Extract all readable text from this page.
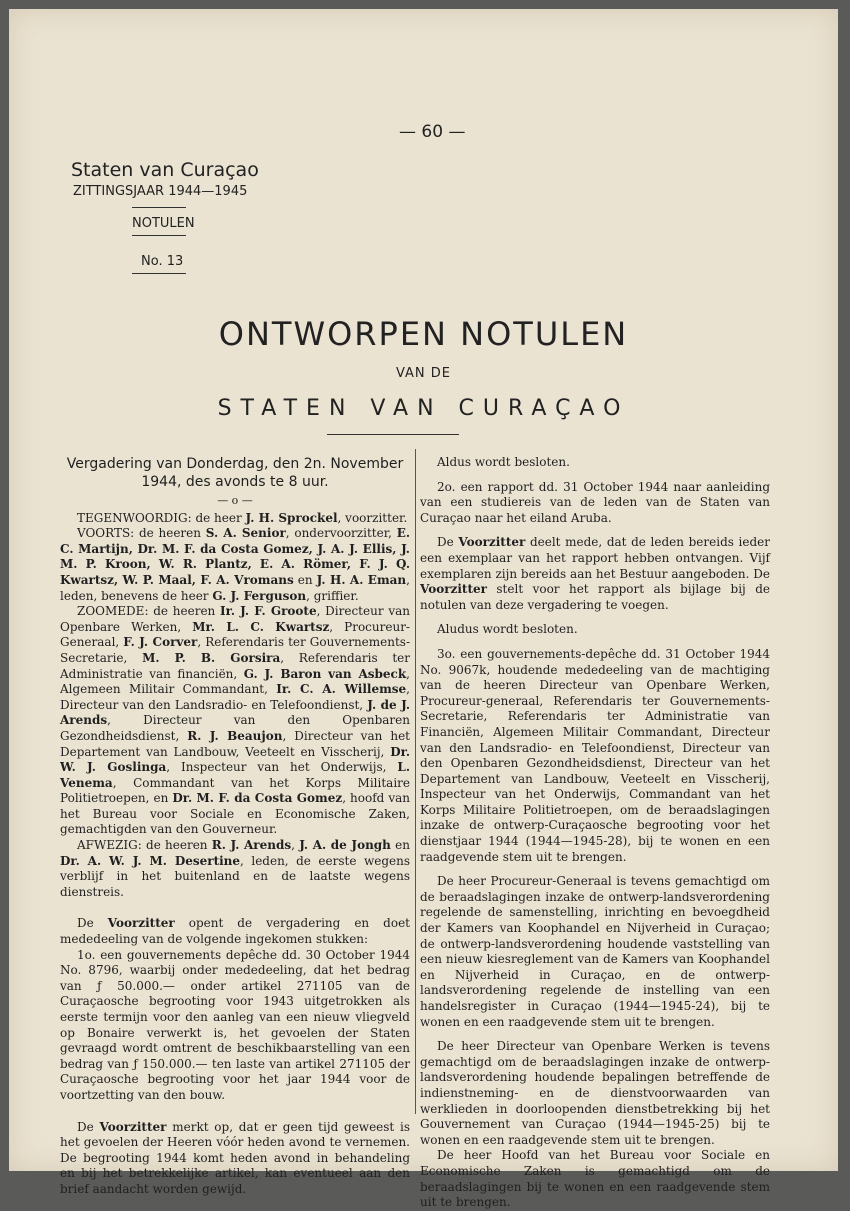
— 60 —
Staten van Curaçao
ZITTINGSJAAR 1944—1945
NOTULEN
No. 13
ONTWORPEN NOTULEN
VAN DE
STATEN VAN CURAÇAO
Vergadering van Donderdag, den 2n. November 1944, des avonds te 8 uur.
— o —

TEGENWOORDIG: de heer J. H. Sprockel, voorzitter.

VOORTS: de heeren S. A. Senior, ondervoorzitter, E. C. Martijn, Dr. M. F. da Costa Gomez, J. A. J. Ellis, J. M. P. Kroon, W. R. Plantz, E. A. Römer, F. J. Q. Kwartsz, W. P. Maal, F. A. Vromans en J. H. A. Eman, leden, benevens de heer G. J. Ferguson, griffier.

ZOOMEDE: de heeren Ir. J. F. Groote, Directeur van Openbare Werken, Mr. L. C. Kwartsz, Procureur-Generaal, F. J. Corver, Referendaris ter Gouvernements-Secretarie, M. P. B. Gorsira, Referendaris ter Administratie van financiën, G. J. Baron van Asbeck, Algemeen Militair Commandant, Ir. C. A. Willemse, Directeur van den Landsradio- en Telefoondienst, J. de J. Arends, Directeur van den Openbaren Gezondheidsdienst, R. J. Beaujon, Directeur van het Departement van Landbouw, Veeteelt en Visscherij, Dr. W. J. Goslinga, Inspecteur van het Onderwijs, L. Venema, Commandant van het Korps Militaire Politietroepen, en Dr. M. F. da Costa Gomez, hoofd van het Bureau voor Sociale en Economische Zaken, gemachtigden van den Gouverneur.

AFWEZIG: de heeren R. J. Arends, J. A. de Jongh en Dr. A. W. J. M. Desertine, leden, de eerste wegens verblijf in het buitenland en de laatste wegens dienstreis.

De Voorzitter opent de vergadering en doet mededeeling van de volgende ingekomen stukken:

1o. een gouvernements depêche dd. 30 October 1944 No. 8796, waarbij onder mededeeling, dat het bedrag van ƒ 50.000.— onder artikel 271105 van de Curaçaosche begrooting voor 1943 uitgetrokken als eerste termijn voor den aanleg van een nieuw vliegveld op Bonaire verwerkt is, het gevoelen der Staten gevraagd wordt omtrent de beschikbaarstelling van een bedrag van ƒ 150.000.— ten laste van artikel 271105 der Curaçaosche begrooting voor het jaar 1944 voor de voortzetting van den bouw.

De Voorzitter merkt op, dat er geen tijd geweest is het gevoelen der Heeren vóór heden avond te vernemen. De begrooting 1944 komt heden avond in behandeling en bij het betrekkelijke artikel, kan eventueel aan den brief aandacht worden gewijd.

Aldus wordt besloten.

2o. een rapport dd. 31 October 1944 naar aanleiding van een studiereis van de leden van de Staten van Curaçao naar het eiland Aruba.

De Voorzitter deelt mede, dat de leden bereids ieder een exemplaar van het rapport hebben ontvangen. Vijf exemplaren zijn bereids aan het Bestuur aangeboden. De Voorzitter stelt voor het rapport als bijlage bij de notulen van deze vergadering te voegen.

Aludus wordt besloten.

3o. een gouvernements-depêche dd. 31 October 1944 No. 9067k, houdende mededeeling van de machtiging van de heeren Directeur van Openbare Werken, Procureur-generaal, Referendaris ter Gouvernements-Secretarie, Referendaris ter Administratie van Financiën, Algemeen Militair Commandant, Directeur van den Landsradio- en Telefoondienst, Directeur van den Openbaren Gezondheidsdienst, Directeur van het Departement van Landbouw, Veeteelt en Visscherij, Inspecteur van het Onderwijs, Commandant van het Korps Militaire Politietroepen, om de beraadslagingen inzake de ontwerp-Curaçaosche begrooting voor het dienstjaar 1944 (1944—1945-28), bij te wonen en een raadgevende stem uit te brengen.

De heer Procureur-Generaal is tevens gemachtigd om de beraadslagingen inzake de ontwerp-landsverordening regelende de samenstelling, inrichting en bevoegdheid der Kamers van Koophandel en Nijverheid in Curaçao; de ontwerp-landsverordening houdende vaststelling van een nieuw kiesreglement van de Kamers van Koophandel en Nijverheid in Curaçao, en de ontwerp-landsverordening regelende de instelling van een handelsregister in Curaçao (1944—1945-24), bij te wonen en een raadgevende stem uit te brengen.

De heer Directeur van Openbare Werken is tevens gemachtigd om de beraadslagingen inzake de ontwerp-landsverordening houdende bepalingen betreffende de indienstneming- en de dienstvoorwaarden van werklieden in doorloopenden dienstbetrekking bij het Gouvernement van Curaçao (1944—1945-25) bij te wonen en een raadgevende stem uit te brengen.

De heer Hoofd van het Bureau voor Sociale en Economische Zaken is gemachtigd om de beraadslagingen bij te wonen en een raadgevende stem uit te brengen.
